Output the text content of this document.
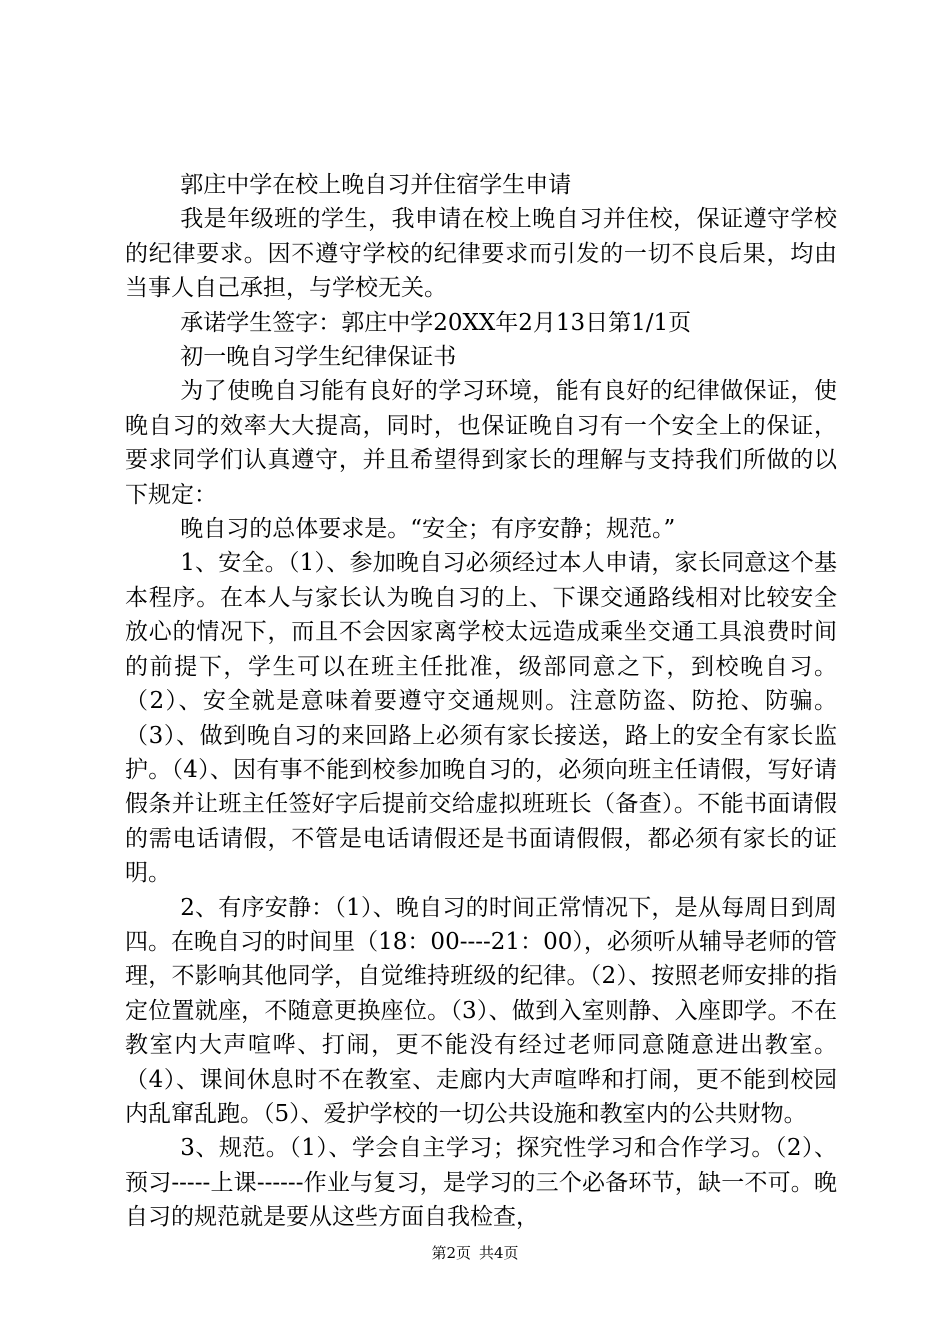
郭庄中学在校上晚自习并住宿学生申请

我是年级班的学生，我申请在校上晚自习并住校，保证遵守学校的纪律要求。因不遵守学校的纪律要求而引发的一切不良后果，均由当事人自己承担，与学校无关。

承诺学生签字：郭庄中学20XX年2月13日第1/1页

初一晚自习学生纪律保证书

为了使晚自习能有良好的学习环境，能有良好的纪律做保证，使晚自习的效率大大提高，同时，也保证晚自习有一个安全上的保证，要求同学们认真遵守，并且希望得到家长的理解与支持我们所做的以下规定：

晚自习的总体要求是。“安全；有序安静；规范。”

1、安全。（1）、参加晚自习必须经过本人申请，家长同意这个基本程序。在本人与家长认为晚自习的上、下课交通路线相对比较安全放心的情况下，而且不会因家离学校太远造成乘坐交通工具浪费时间的前提下，学生可以在班主任批准，级部同意之下，到校晚自习。（2）、安全就是意味着要遵守交通规则。注意防盗、防抢、防骗。（3）、做到晚自习的来回路上必须有家长接送，路上的安全有家长监护。（4）、因有事不能到校参加晚自习的，必须向班主任请假，写好请假条并让班主任签好字后提前交给虚拟班班长（备查）。不能书面请假的需电话请假，不管是电话请假还是书面请假假，都必须有家长的证明。

2、有序安静：（1）、晚自习的时间正常情况下，是从每周日到周四。在晚自习的时间里（18：00----21：00），必须听从辅导老师的管理，不影响其他同学，自觉维持班级的纪律。（2）、按照老师安排的指定位置就座，不随意更换座位。（3）、做到入室则静、入座即学。不在教室内大声喧哗、打闹，更不能没有经过老师同意随意进出教室。（4）、课间休息时不在教室、走廊内大声喧哗和打闹，更不能到校园内乱窜乱跑。（5）、爱护学校的一切公共设施和教室内的公共财物。

3、规范。（1）、学会自主学习；探究性学习和合作学习。（2）、预习-----上课------作业与复习，是学习的三个必备环节，缺一不可。晚自习的规范就是要从这些方面自我检查，

第2页 共4页
